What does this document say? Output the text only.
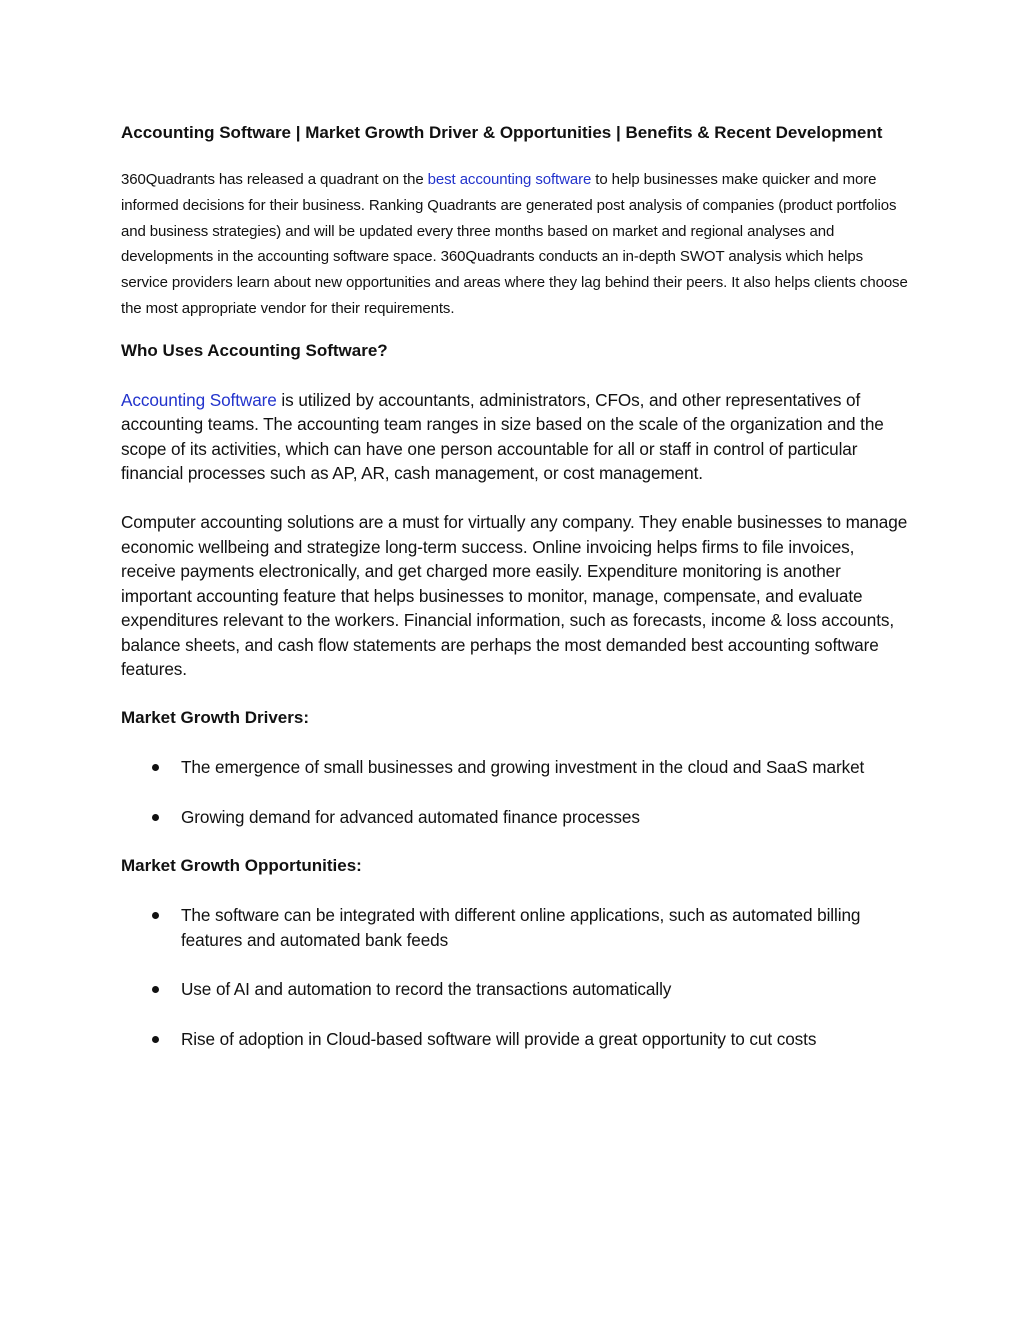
Accounting Software | Market Growth Driver & Opportunities | Benefits & Recent Development

360Quadrants has released a quadrant on the best accounting software to help businesses make quicker and more informed decisions for their business. Ranking Quadrants are generated post analysis of companies (product portfolios and business strategies) and will be updated every three months based on market and regional analyses and developments in the accounting software space. 360Quadrants conducts an in-depth SWOT analysis which helps service providers learn about new opportunities and areas where they lag behind their peers. It also helps clients choose the most appropriate vendor for their requirements.

Who Uses Accounting Software?

Accounting Software is utilized by accountants, administrators, CFOs, and other representatives of accounting teams. The accounting team ranges in size based on the scale of the organization and the scope of its activities, which can have one person accountable for all or staff in control of particular financial processes such as AP, AR, cash management, or cost management.

Computer accounting solutions are a must for virtually any company. They enable businesses to manage economic wellbeing and strategize long-term success. Online invoicing helps firms to file invoices, receive payments electronically, and get charged more easily. Expenditure monitoring is another important accounting feature that helps businesses to monitor, manage, compensate, and evaluate expenditures relevant to the workers. Financial information, such as forecasts, income & loss accounts, balance sheets, and cash flow statements are perhaps the most demanded best accounting software features.

Market Growth Drivers:
The emergence of small businesses and growing investment in the cloud and SaaS market
Growing demand for advanced automated finance processes
Market Growth Opportunities:
The software can be integrated with different online applications, such as automated billing features and automated bank feeds
Use of AI and automation to record the transactions automatically
Rise of adoption in Cloud-based software will provide a great opportunity to cut costs
